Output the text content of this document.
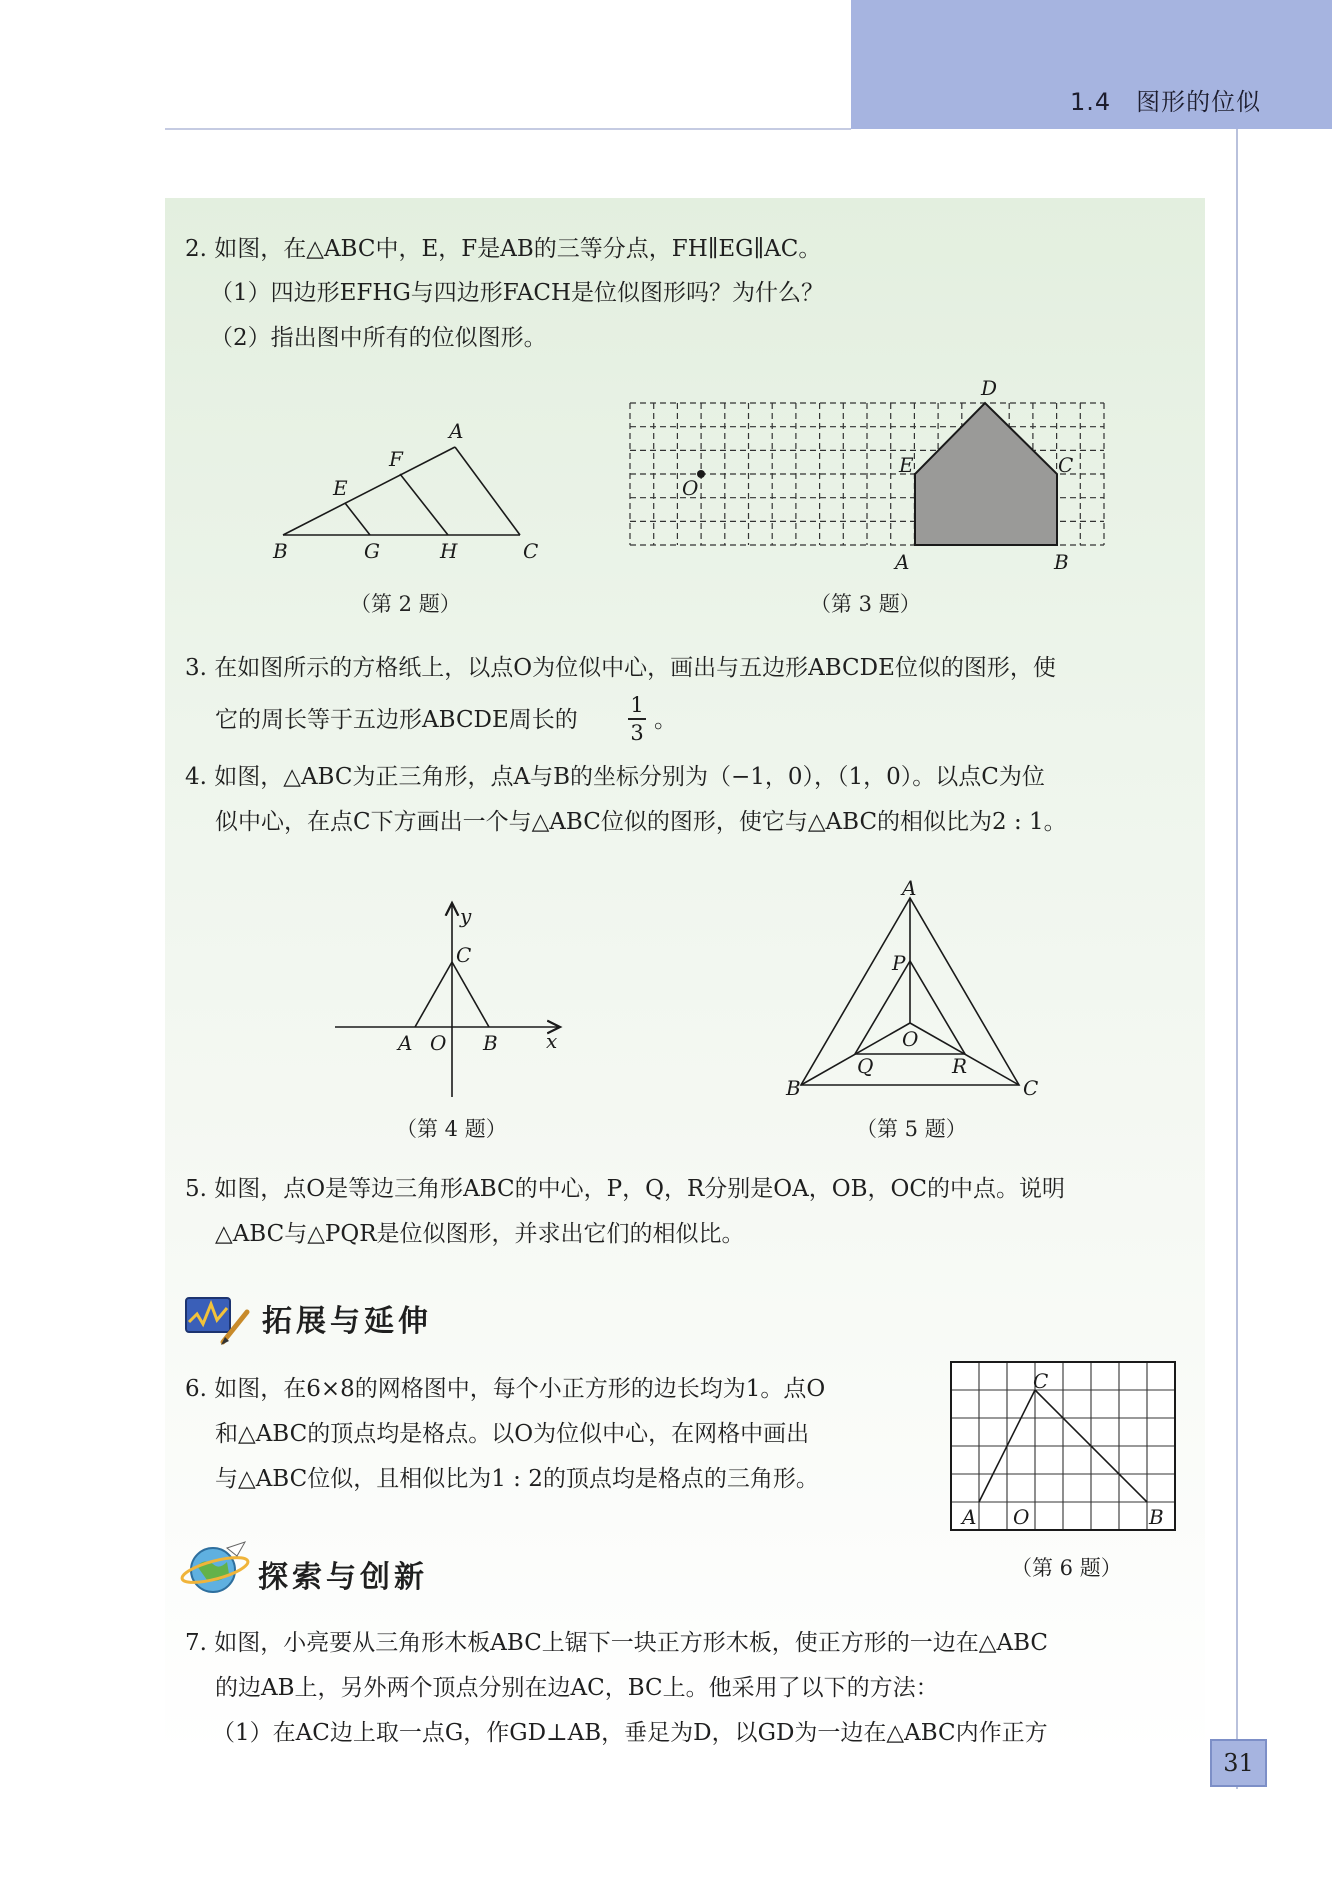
1.4　图形的位似
2. 如图，在△ABC中，E，F是AB的三等分点，FH∥EG∥AC。
（1）四边形EFHG与四边形FACH是位似图形吗？为什么？
（2）指出图中所有的位似图形。
A
B	C
E
F
G	H
（第 2 题）
A	B
C
D
E
O
（第 3 题）
3. 在如图所示的方格纸上，以点O为位似中心，画出与五边形ABCDE位似的图形，使
它的周长等于五边形ABCDE周长的
1
3 。
4. 如图，△ABC为正三角形，点A与B的坐标分别为（−1，0），（1，0）。以点C为位
似中心，在点C下方画出一个与△ABC位似的图形，使它与△ABC的相似比为2 : 1。
A O B
C
x
y
（第 4 题）
A
B	C
O
P
Q	R
（第 5 题）
5. 如图，点O是等边三角形ABC的中心，P，Q，R分别是OA，OB，OC的中点。说明
△ABC与△PQR是位似图形，并求出它们的相似比。
拓展与延伸
6. 如图，在6×8的网格图中，每个小正方形的边长均为1。点O
和△ABC的顶点均是格点。以O为位似中心，在网格中画出
与△ABC位似，且相似比为1 : 2的顶点均是格点的三角形。
A O	B
C
（第 6 题）
探索与创新
7. 如图，小亮要从三角形木板ABC上锯下一块正方形木板，使正方形的一边在△ABC
的边AB上，另外两个顶点分别在边AC，BC上。他采用了以下的方法：
（1）在AC边上取一点G，作GD⊥AB，垂足为D，以GD为一边在△ABC内作正方
31
